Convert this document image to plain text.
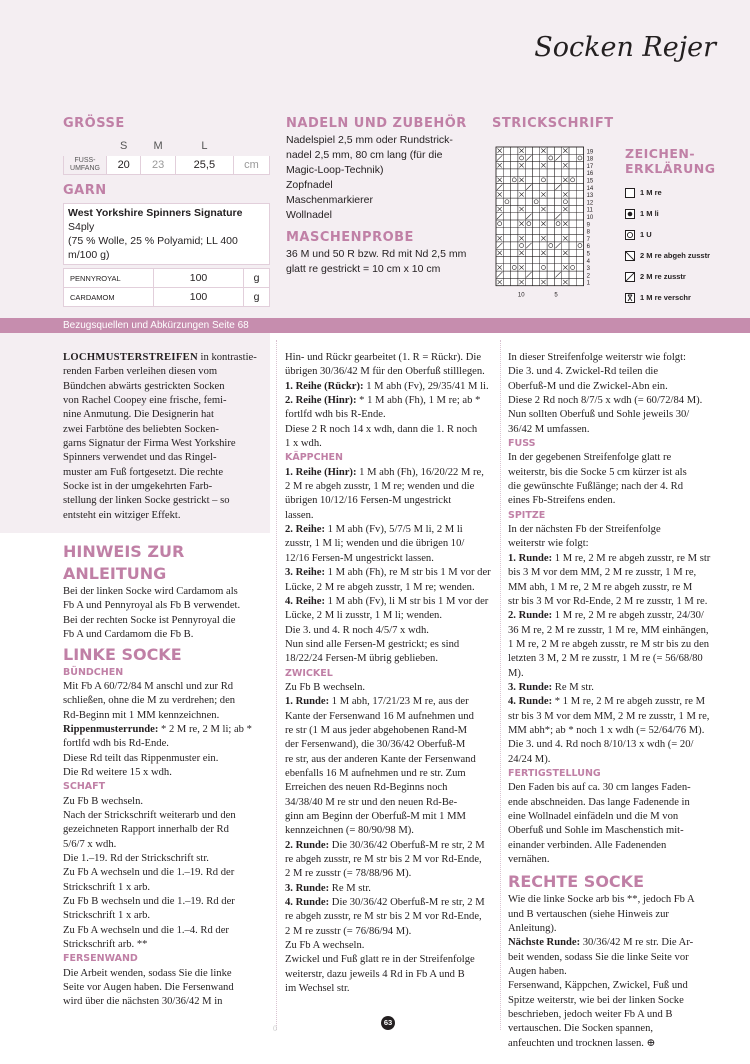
Socken Rejer
GRÖSSE
	S	M	L	
FUSS-
UMFANG	20	23	25,5	cm
GARN
West Yorkshire Spinners Signature S4ply
(75 % Wolle, 25 % Polyamid; LL 400 m/100 g)
PENNYROYAL	100	g
CARDAMOM	100	g
NADELN UND ZUBEHÖR
Nadelspiel 2,5 mm oder Rundstrick-
nadel 2,5 mm, 80 cm lang (für die
Magic-Loop-Technik)
Zopfnadel
Maschenmarkierer
Wollnadel
MASCHENPROBE
36 M und 50 R bzw. Rd mit Nd 2,5 mm
glatt re gestrickt = 10 cm x 10 cm
STRICKSCHRIFT
19
18
17
16
15
14
13
12
11
10
9
8
7
6
5
4
3
2
1
10	5
ZEICHEN-
ERKLÄRUNG
1 M re
1 M li
1 U
2 M re abgeh zusstr
2 M re zusstr
1 M re verschr
Bezugsquellen und Abkürzungen Seite 68

LOCHMUSTERSTREIFEN in kontrastie-

renden Farben verleihen diesen vom
Bündchen abwärts gestrickten Socken
von Rachel Coopey eine frische, femi-
nine Anmutung. Die Designerin hat
zwei Farbtöne des beliebten Socken-
garns Signatur der Firma West Yorkshire
Spinners verwendet und das Ringel-
muster am Fuß fortgesetzt. Die rechte
Socke ist in der umgekehrten Farb-
stellung der linken Socke gestrickt – so
entsteht ein witziger Effekt.
HINWEIS ZUR ANLEITUNG
Bei der linken Socke wird Cardamom als
Fb A und Pennyroyal als Fb B verwendet.
Bei der rechten Socke ist Pennyroyal die
Fb A und Cardamom die Fb B.
LINKE SOCKE
BÜNDCHEN
Mit Fb A 60/72/84 M anschl und zur Rd
schließen, ohne die M zu verdrehen; den
Rd-Beginn mit 1 MM kennzeichnen.

Rippenmusterrunde: * 2 M re, 2 M li; ab *

fortlfd wdh bis Rd-Ende.
Diese Rd teilt das Rippenmuster ein.
Die Rd weitere 15 x wdh.
SCHAFT
Zu Fb B wechseln.
Nach der Strickschrift weiterarb und den
gezeichneten Rapport innerhalb der Rd
5/6/7 x wdh.
Die 1.–19. Rd der Strickschrift str.
Zu Fb A wechseln und die 1.–19. Rd der
Strickschrift 1 x arb.
Zu Fb B wechseln und die 1.–19. Rd der
Strickschrift 1 x arb.
Zu Fb A wechseln und die 1.–4. Rd der
Strickschrift arb. **
FERSENWAND
Die Arbeit wenden, sodass Sie die linke
Seite vor Augen haben. Die Fersenwand
wird über die nächsten 30/36/42 M in
Hin- und Rückr gearbeitet (1. R = Rückr). Die
übrigen 30/36/42 M für den Oberfuß stilllegen.

1. Reihe (Rückr): 1 M abh (Fv), 29/35/41 M li.

2. Reihe (Hinr): * 1 M abh (Fh), 1 M re; ab *

fortlfd wdh bis R-Ende.
Diese 2 R noch 14 x wdh, dann die 1. R noch
1 x wdh.
KÄPPCHEN

1. Reihe (Hinr): 1 M abh (Fh), 16/20/22 M re,

2 M re abgeh zusstr, 1 M re; wenden und die
übrigen 10/12/16 Fersen-M ungestrickt
lassen.

2. Reihe: 1 M abh (Fv), 5/7/5 M li, 2 M li

zusstr, 1 M li; wenden und die übrigen 10/
12/16 Fersen-M ungestrickt lassen.

3. Reihe: 1 M abh (Fh), re M str bis 1 M vor der

Lücke, 2 M re abgeh zusstr, 1 M re; wenden.

4. Reihe: 1 M abh (Fv), li M str bis 1 M vor der

Lücke, 2 M li zusstr, 1 M li; wenden.
Die 3. und 4. R noch 4/5/7 x wdh.
Nun sind alle Fersen-M gestrickt; es sind
18/22/24 Fersen-M übrig geblieben.
ZWICKEL

Zu Fb B wechseln.

1. Runde: 1 M abh, 17/21/23 M re, aus der

Kante der Fersenwand 16 M aufnehmen und
re str (1 M aus jeder abgehobenen Rand-M
der Fersenwand), die 30/36/42 Oberfuß-M
re str, aus der anderen Kante der Fersenwand
ebenfalls 16 M aufnehmen und re str. Zum
Erreichen des neuen Rd-Beginns noch
34/38/40 M re str und den neuen Rd-Be-
ginn am Beginn der Oberfuß-M mit 1 MM
kennzeichnen (= 80/90/98 M).

2. Runde: Die 30/36/42 Oberfuß-M re str, 2 M

re abgeh zusstr, re M str bis 2 M vor Rd-Ende,
2 M re zusstr (= 78/88/96 M).

3. Runde: Re M str.

4. Runde: Die 30/36/42 Oberfuß-M re str, 2 M

re abgeh zusstr, re M str bis 2 M vor Rd-Ende,
2 M re zusstr (= 76/86/94 M).
Zu Fb A wechseln.
Zwickel und Fuß glatt re in der Streifenfolge
weiterstr, dazu jeweils 4 Rd in Fb A und B
im Wechsel str.
In dieser Streifenfolge weiterstr wie folgt:
Die 3. und 4. Zwickel-Rd teilen die
Oberfuß-M und die Zwickel-Abn ein.
Diese 2 Rd noch 8/7/5 x wdh (= 60/72/84 M).
Nun sollten Oberfuß und Sohle jeweils 30/
36/42 M umfassen.
FUSS
In der gegebenen Streifenfolge glatt re
weiterstr, bis die Socke 5 cm kürzer ist als
die gewünschte Fußlänge; nach der 4. Rd
eines Fb-Streifens enden.
SPITZE
In der nächsten Fb der Streifenfolge
weiterstr wie folgt:

1. Runde: 1 M re, 2 M re abgeh zusstr, re M str

bis 3 M vor dem MM, 2 M re zusstr, 1 M re,
MM abh, 1 M re, 2 M re abgeh zusstr, re M
str bis 3 M vor Rd-Ende, 2 M re zusstr, 1 M re.

2. Runde: 1 M re, 2 M re abgeh zusstr, 24/30/

36 M re, 2 M re zusstr, 1 M re, MM einhängen,
1 M re, 2 M re abgeh zusstr, re M str bis zu den
letzten 3 M, 2 M re zusstr, 1 M re (= 56/68/80 M).

3. Runde: Re M str.

4. Runde: * 1 M re, 2 M re abgeh zusstr, re M

str bis 3 M vor dem MM, 2 M re zusstr, 1 M re,
MM abh*; ab * noch 1 x wdh (= 52/64/76 M).
Die 3. und 4. Rd noch 8/10/13 x wdh (= 20/
24/24 M).
FERTIGSTELLUNG
Den Faden bis auf ca. 30 cm langes Faden-
ende abschneiden. Das lange Fadenende in
eine Wollnadel einfädeln und die M von
Oberfuß und Sohle im Maschenstich mit-
einander verbinden. Alle Fadenenden
vernähen.
RECHTE SOCKE
Wie die linke Socke arb bis **, jedoch Fb A
und B vertauschen (siehe Hinweis zur
Anleitung).

Nächste Runde: 30/36/42 M re str. Die Ar-

beit wenden, sodass Sie die linke Seite vor
Augen haben.
Fersenwand, Käppchen, Zwickel, Fuß und
Spitze weiterstr, wie bei der linken Socke
beschrieben, jedoch weiter Fb A und B
vertauschen. Die Socken spannen,
anfeuchten und trocknen lassen. ⊕
0
63
